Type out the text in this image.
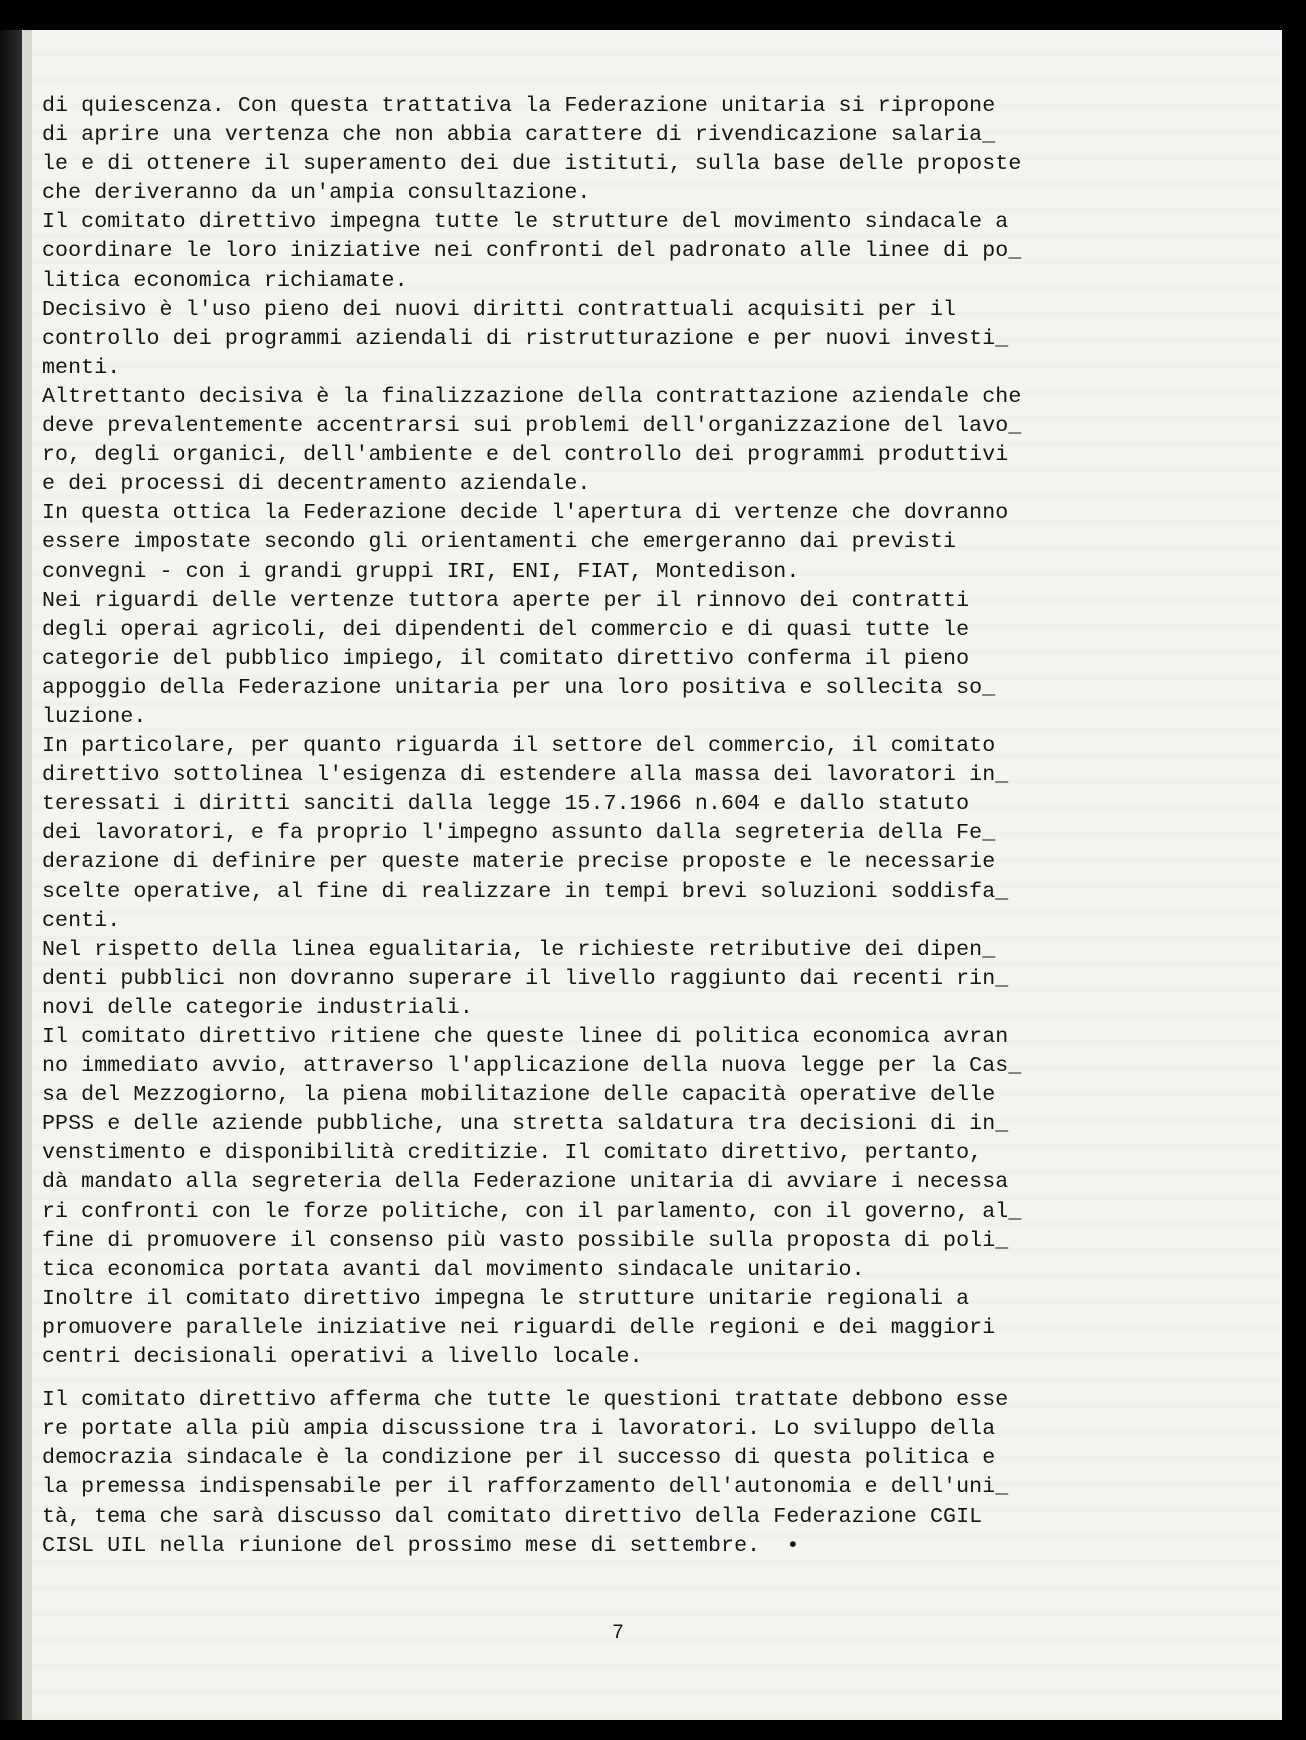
di quiescenza. Con questa trattativa la Federazione unitaria si ripropone
di aprire una vertenza che non abbia carattere di rivendicazione salaria_
le e di ottenere il superamento dei due istituti, sulla base delle proposte
che deriveranno da un'ampia consultazione.
Il comitato direttivo impegna tutte le strutture del movimento sindacale a
coordinare le loro iniziative nei confronti del padronato alle linee di po_
litica economica richiamate.
Decisivo è l'uso pieno dei nuovi diritti contrattuali acquisiti per il
controllo dei programmi aziendali di ristrutturazione e per nuovi investi_
menti.
Altrettanto decisiva è la finalizzazione della contrattazione aziendale che
deve prevalentemente accentrarsi sui problemi dell'organizzazione del lavo_
ro, degli organici, dell'ambiente e del controllo dei programmi produttivi
e dei processi di decentramento aziendale.
In questa ottica la Federazione decide l'apertura di vertenze che dovranno
essere impostate secondo gli orientamenti che emergeranno dai previsti
convegni - con i grandi gruppi IRI, ENI, FIAT, Montedison.
Nei riguardi delle vertenze tuttora aperte per il rinnovo dei contratti
degli operai agricoli, dei dipendenti del commercio e di quasi tutte le
categorie del pubblico impiego, il comitato direttivo conferma il pieno
appoggio della Federazione unitaria per una loro positiva e sollecita so_
luzione.
In particolare, per quanto riguarda il settore del commercio, il comitato
direttivo sottolinea l'esigenza di estendere alla massa dei lavoratori in_
teressati i diritti sanciti dalla legge 15.7.1966 n.604 e dallo statuto
dei lavoratori, e fa proprio l'impegno assunto dalla segreteria della Fe_
derazione di definire per queste materie precise proposte e le necessarie
scelte operative, al fine di realizzare in tempi brevi soluzioni soddisfa_
centi.
Nel rispetto della linea egualitaria, le richieste retributive dei dipen_
denti pubblici non dovranno superare il livello raggiunto dai recenti rin_
novi delle categorie industriali.
Il comitato direttivo ritiene che queste linee di politica economica avran
no immediato avvio, attraverso l'applicazione della nuova legge per la Cas_
sa del Mezzogiorno, la piena mobilitazione delle capacità operative delle
PPSS e delle aziende pubbliche, una stretta saldatura tra decisioni di in_
venstimento e disponibilità creditizie. Il comitato direttivo, pertanto,
dà mandato alla segreteria della Federazione unitaria di avviare i necessa
ri confronti con le forze politiche, con il parlamento, con il governo, al_
fine di promuovere il consenso più vasto possibile sulla proposta di poli_
tica economica portata avanti dal movimento sindacale unitario.
Inoltre il comitato direttivo impegna le strutture unitarie regionali a
promuovere parallele iniziative nei riguardi delle regioni e dei maggiori
centri decisionali operativi a livello locale.
Il comitato direttivo afferma che tutte le questioni trattate debbono esse
re portate alla più ampia discussione tra i lavoratori. Lo sviluppo della
democrazia sindacale è la condizione per il successo di questa politica e
la premessa indispensabile per il rafforzamento dell'autonomia e dell'uni_
tà, tema che sarà discusso dal comitato direttivo della Federazione CGIL
CISL UIL nella riunione del prossimo mese di settembre.  •
7
